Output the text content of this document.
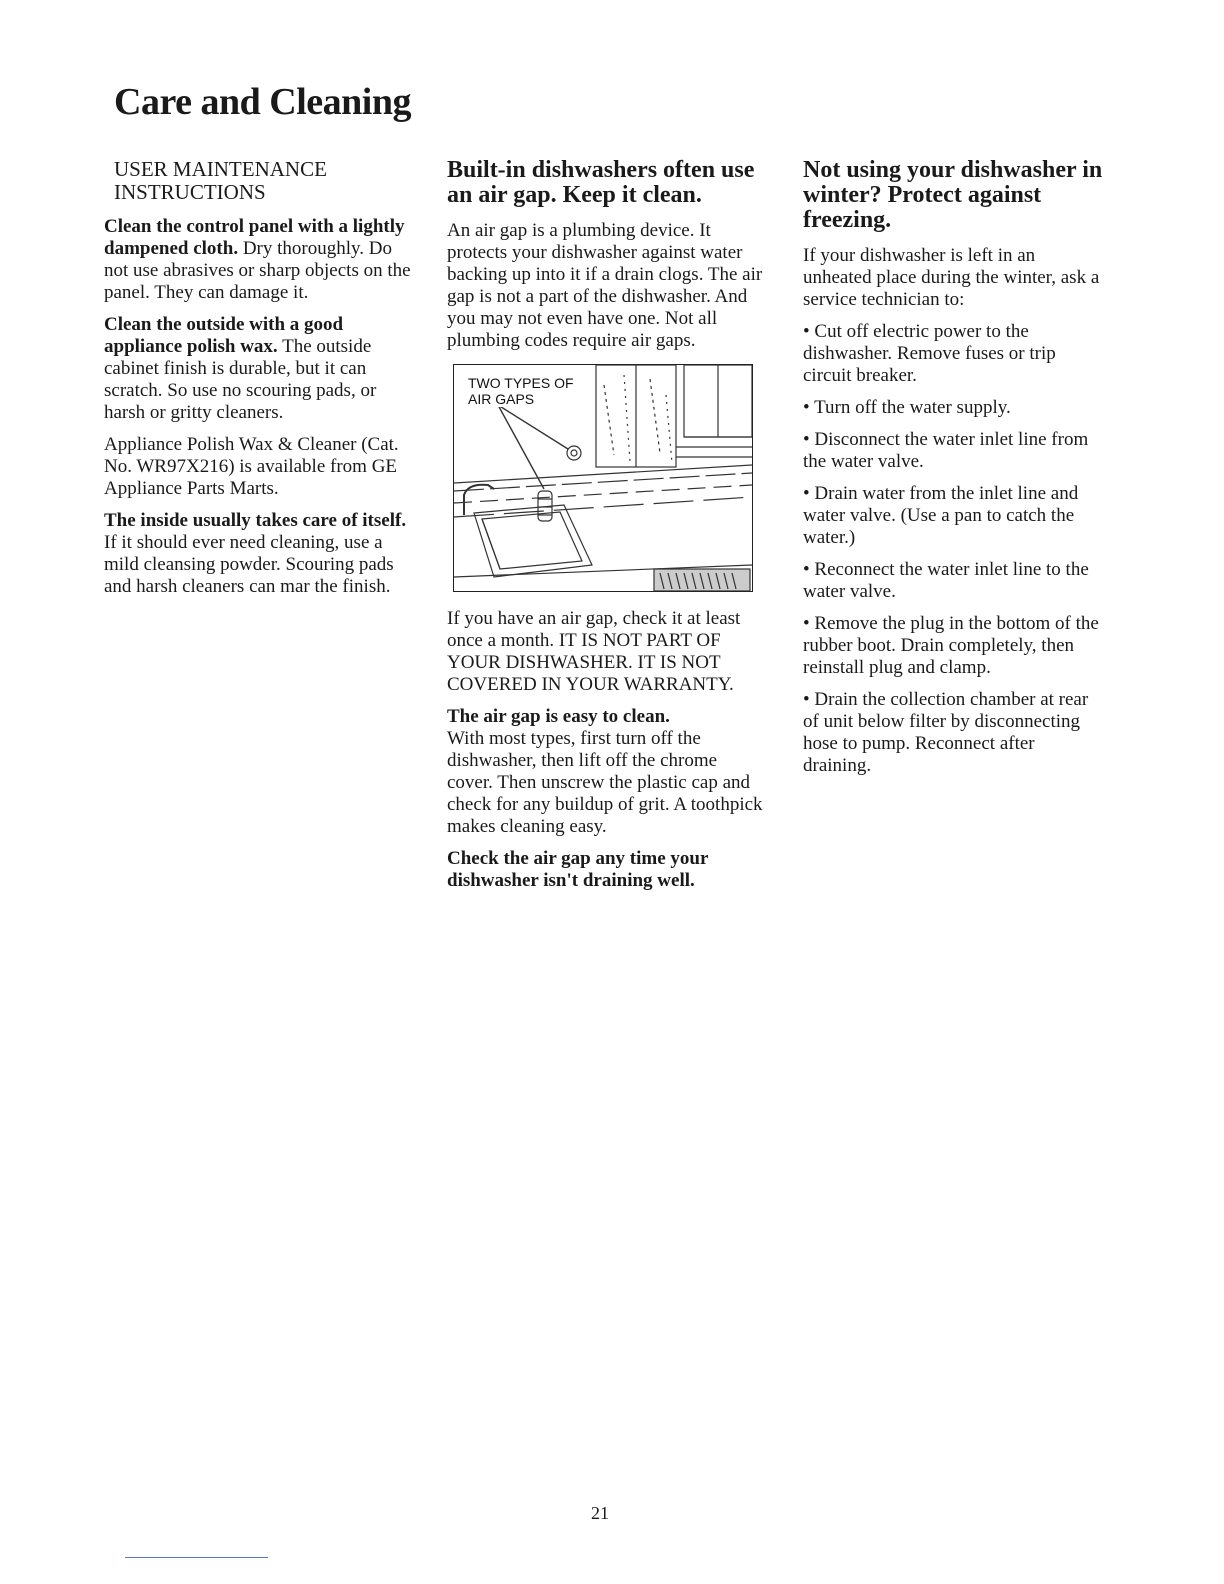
Care and Cleaning
USER MAINTENANCE INSTRUCTIONS

Clean the control panel with a lightly dampened cloth. Dry thoroughly. Do not use abrasives or sharp objects on the panel. They can damage it.

Clean the outside with a good appliance polish wax. The outside cabinet finish is durable, but it can scratch. So use no scouring pads, or harsh or gritty cleaners.

Appliance Polish Wax & Cleaner (Cat. No. WR97X216) is available from GE Appliance Parts Marts.

The inside usually takes care of itself. If it should ever need cleaning, use a mild cleansing powder. Scouring pads and harsh cleaners can mar the finish.

Built-in dishwashers often use an air gap. Keep it clean.

An air gap is a plumbing device. It protects your dishwasher against water backing up into it if a drain clogs. The air gap is not a part of the dishwasher. And you may not even have one. Not all plumbing codes require air gaps.

TWO TYPES OF AIR GAPS

If you have an air gap, check it at least once a month. IT IS NOT PART OF YOUR DISHWASHER. IT IS NOT COVERED IN YOUR WARRANTY.

The air gap is easy to clean.
With most types, first turn off the dishwasher, then lift off the chrome cover. Then unscrew the plastic cap and check for any buildup of grit. A toothpick makes cleaning easy.

Check the air gap any time your dishwasher isn't draining well.

Not using your dishwasher in winter? Protect against freezing.

If your dishwasher is left in an unheated place during the winter, ask a service technician to:

• Cut off electric power to the dishwasher. Remove fuses or trip circuit breaker.

• Turn off the water supply.

• Disconnect the water inlet line from the water valve.

• Drain water from the inlet line and water valve. (Use a pan to catch the water.)

• Reconnect the water inlet line to the water valve.

• Remove the plug in the bottom of the rubber boot. Drain completely, then reinstall plug and clamp.

• Drain the collection chamber at rear of unit below filter by disconnecting hose to pump. Reconnect after draining.

21
